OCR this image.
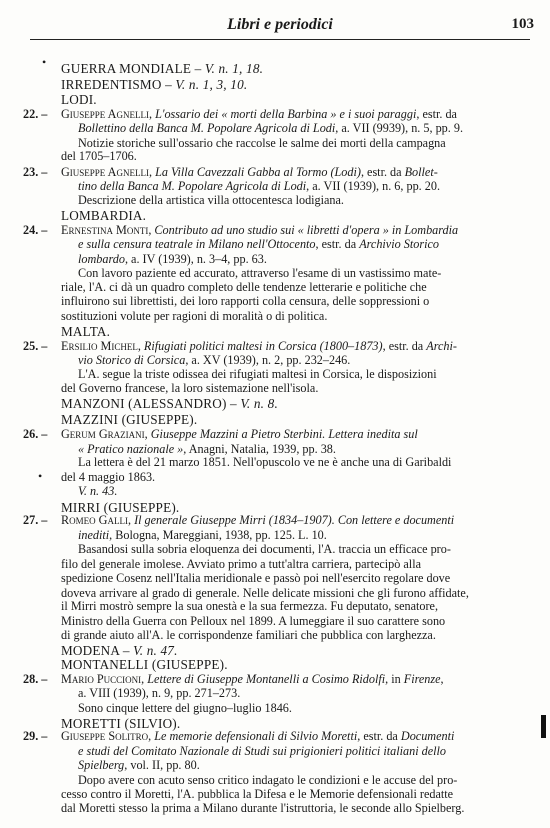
Libri e periodici	103
GUERRA MONDIALE – V. n. 1, 18.
IRREDENTISMO – V. n. 1, 3, 10.
LODI.
22. – Giuseppe Agnelli, L'ossario dei « morti della Barbina » e i suoi paraggi, estr. da
Bollettino della Banca M. Popolare Agricola di Lodi, a. VII (9939), n. 5, pp. 9.
Notizie storiche sull'ossario che raccolse le salme dei morti della campagna
del 1705–1706.
23. – Giuseppe Agnelli, La Villa Cavezzali Gabba al Tormo (Lodi), estr. da Bollet-
tino della Banca M. Popolare Agricola di Lodi, a. VII (1939), n. 6, pp. 20.
Descrizione della artistica villa ottocentesca lodigiana.
LOMBARDIA.
24. – Ernestina Monti, Contributo ad uno studio sui « libretti d'opera » in Lombardia
e sulla censura teatrale in Milano nell'Ottocento, estr. da Archivio Storico
lombardo, a. IV (1939), n. 3–4, pp. 63.
Con lavoro paziente ed accurato, attraverso l'esame di un vastissimo mate-
riale, l'A. ci dà un quadro completo delle tendenze letterarie e politiche che
influirono sui librettisti, dei loro rapporti colla censura, delle soppressioni o
sostituzioni volute per ragioni di moralità o di politica.
MALTA.
25. – Ersilio Michel, Rifugiati politici maltesi in Corsica (1800–1873), estr. da Archi-
vio Storico di Corsica, a. XV (1939), n. 2, pp. 232–246.
L'A. segue la triste odissea dei rifugiati maltesi in Corsica, le disposizioni
del Governo francese, la loro sistemazione nell'isola.
MANZONI (ALESSANDRO) – V. n. 8.
MAZZINI (GIUSEPPE).
26. – Gerum Graziani, Giuseppe Mazzini a Pietro Sterbini. Lettera inedita sul
« Pratico nazionale », Anagni, Natalia, 1939, pp. 38.
La lettera è del 21 marzo 1851. Nell'opuscolo ve ne è anche una di Garibaldi
del 4 maggio 1863.
V. n. 43.
MIRRI (GIUSEPPE).
27. – Romeo Galli, Il generale Giuseppe Mirri (1834–1907). Con lettere e documenti
inediti, Bologna, Mareggiani, 1938, pp. 125. L. 10.
Basandosi sulla sobria eloquenza dei documenti, l'A. traccia un efficace pro-
filo del generale imolese. Avviato primo a tutt'altra carriera, partecipò alla
spedizione Cosenz nell'Italia meridionale e passò poi nell'esercito regolare dove
doveva arrivare al grado di generale. Nelle delicate missioni che gli furono affidate,
il Mirri mostrò sempre la sua onestà e la sua fermezza. Fu deputato, senatore,
Ministro della Guerra con Pelloux nel 1899. A lumeggiare il suo carattere sono
di grande aiuto all'A. le corrispondenze familiari che pubblica con larghezza.
MODENA – V. n. 47.
MONTANELLI (GIUSEPPE).
28. – Mario Puccioni, Lettere di Giuseppe Montanelli a Cosimo Ridolfi, in Firenze,
a. VIII (1939), n. 9, pp. 271–273.
Sono cinque lettere del giugno–luglio 1846.
MORETTI (SILVIO).
29. – Giuseppe Solitro, Le memorie defensionali di Silvio Moretti, estr. da Documenti
e studi del Comitato Nazionale di Studi sui prigionieri politici italiani dello
Spielberg, vol. II, pp. 80.
Dopo avere con acuto senso critico indagato le condizioni e le accuse del pro-
cesso contro il Moretti, l'A. pubblica la Difesa e le Memorie defensionali redatte
dal Moretti stesso la prima a Milano durante l'istruttoria, le seconde allo Spielberg.
•
•
